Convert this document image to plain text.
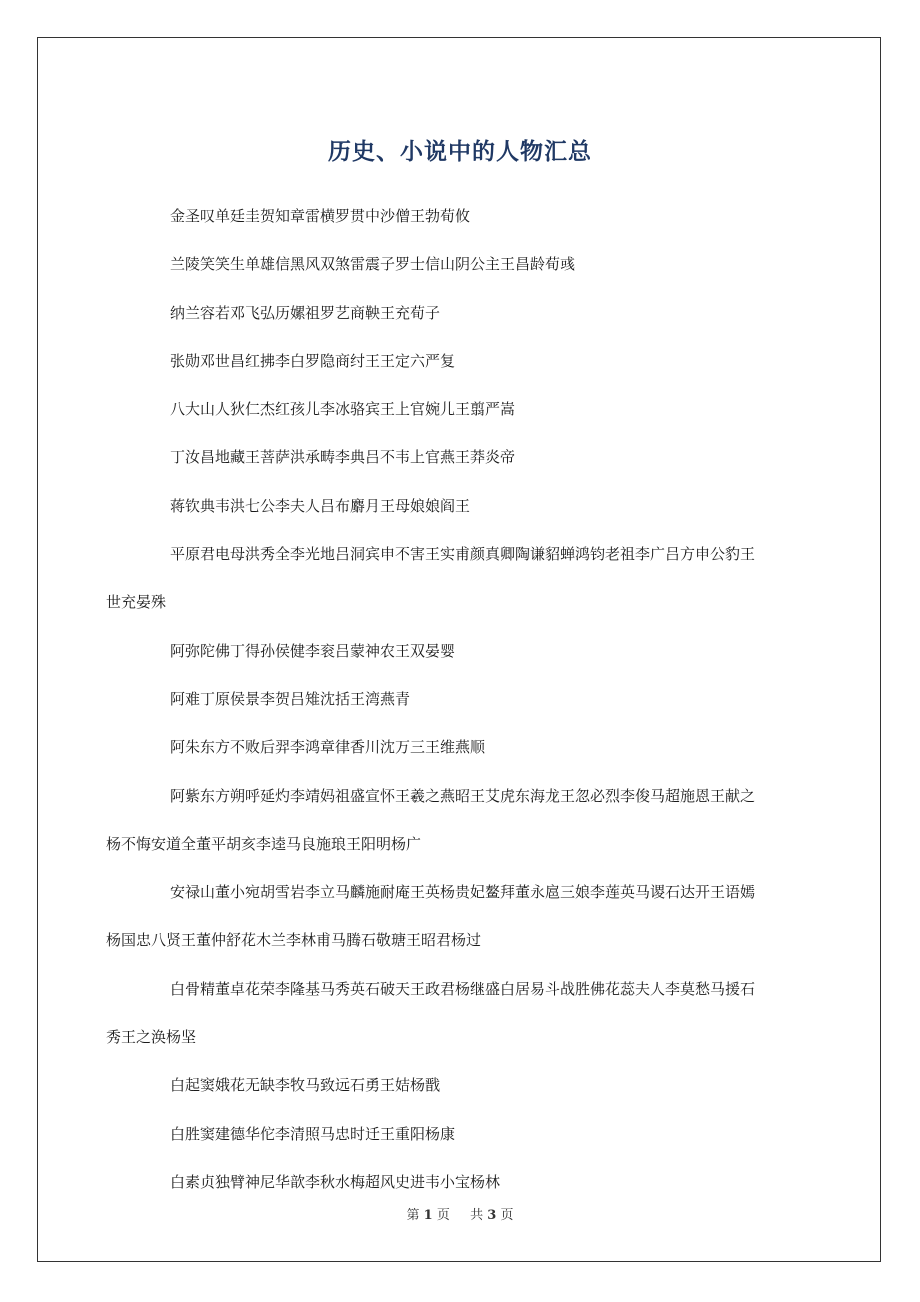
历史、小说中的人物汇总

金圣叹单廷圭贺知章雷横罗贯中沙僧王勃荀攸

兰陵笑笑生单雄信黑风双煞雷震子罗士信山阴公主王昌龄荀彧

纳兰容若邓飞弘历嫘祖罗艺商鞅王充荀子

张勋邓世昌红拂李白罗隐商纣王王定六严复

八大山人狄仁杰红孩儿李冰骆宾王上官婉儿王翦严嵩

丁汝昌地藏王菩萨洪承畴李典吕不韦上官燕王莽炎帝

蒋钦典韦洪七公李夫人吕布麝月王母娘娘阎王

平原君电母洪秀全李光地吕洞宾申不害王实甫颜真卿陶谦貂蝉鸿钧老祖李广吕方申公豹王
世充晏殊

阿弥陀佛丁得孙侯健李衮吕蒙神农王双晏婴

阿难丁原侯景李贺吕雉沈括王湾燕青

阿朱东方不败后羿李鸿章律香川沈万三王维燕顺

阿紫东方朔呼延灼李靖妈祖盛宣怀王羲之燕昭王艾虎东海龙王忽必烈李俊马超施恩王献之
杨不悔安道全董平胡亥李逵马良施琅王阳明杨广

安禄山董小宛胡雪岩李立马麟施耐庵王英杨贵妃鳌拜董永扈三娘李莲英马谡石达开王语嫣
杨国忠八贤王董仲舒花木兰李林甫马腾石敬瑭王昭君杨过

白骨精董卓花荣李隆基马秀英石破天王政君杨继盛白居易斗战胜佛花蕊夫人李莫愁马援石
秀王之涣杨坚

白起窦娥花无缺李牧马致远石勇王姞杨戬

白胜窦建德华佗李清照马忠时迁王重阳杨康

白素贞独臂神尼华歆李秋水梅超风史进韦小宝杨林

第 1 页 共 3 页
